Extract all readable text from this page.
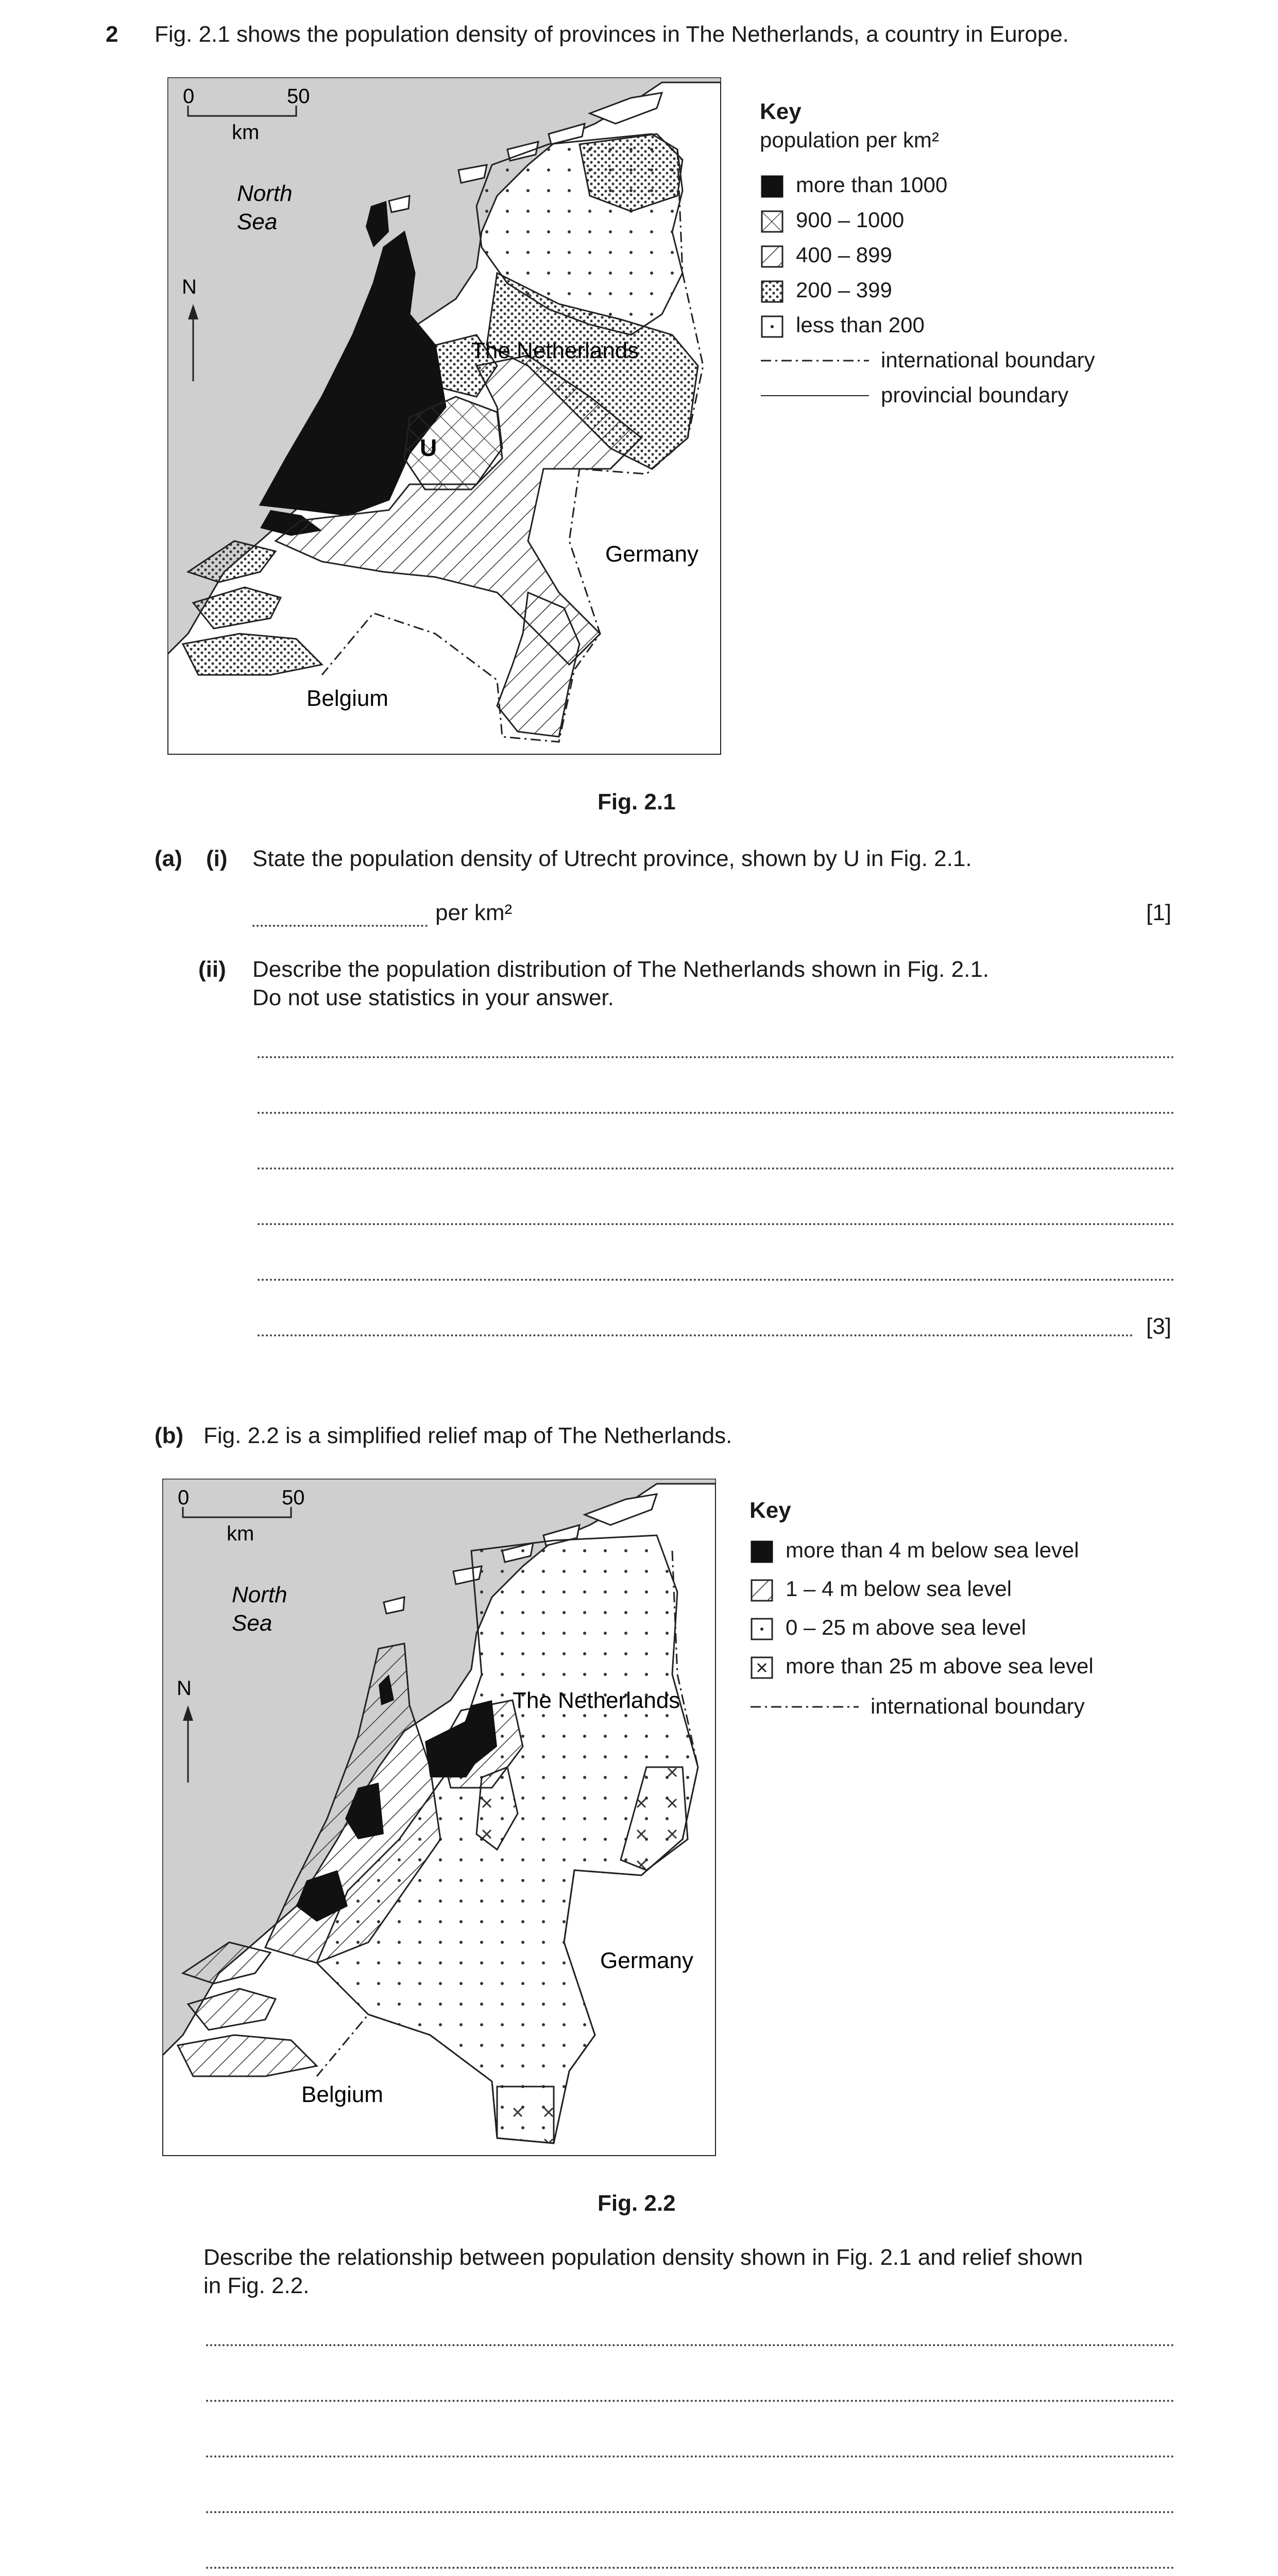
2 Fig. 2.1 shows the population density of provinces in The Netherlands, a country in Europe.
0	50
km
N
North
Sea
The Netherlands
U
Germany
Belgium
Key
population per km²
more than 1000
900 – 1000
400 – 899
200 – 399
less than 200
international boundary
provincial boundary
Fig. 2.1
(a) (i) State the population density of Utrecht province, shown by U in Fig. 2.1.
per km²	[1]
(ii) Describe the population distribution of The Netherlands shown in Fig. 2.1.
Do not use statistics in your answer.
[3]
(b) Fig. 2.2 is a simplified relief map of The Netherlands.
0	50
km
N
North
Sea
The Netherlands
Germany
Belgium
Key
more than 4 m below sea level
1 – 4 m below sea level
0 – 25 m above sea level
more than 25 m above sea level
international boundary
Fig. 2.2
Describe the relationship between population density shown in Fig. 2.1 and relief shown
in Fig. 2.2.
